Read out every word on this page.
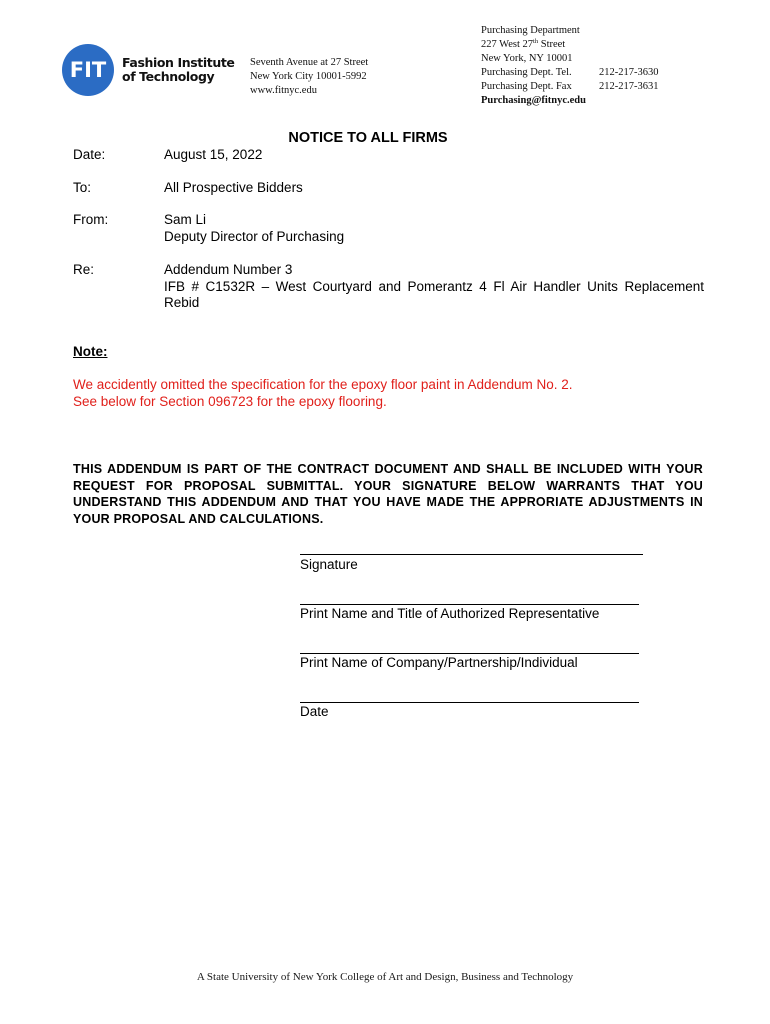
FIT Fashion Institute
of Technology
Seventh Avenue at 27 Street
New York City 10001-5992
www.fitnyc.edu
Purchasing Department
227 West 27th Street
New York, NY 10001
Purchasing Dept. Tel.	212-217-3630
Purchasing Dept. Fax	212-217-3631
Purchasing@fitnyc.edu
NOTICE TO ALL FIRMS
Date:	August 15, 2022
To:	All Prospective Bidders
From:	Sam Li
Deputy Director of Purchasing
Re:	Addendum Number 3
IFB # C1532R – West Courtyard and Pomerantz 4 Fl Air Handler Units Replacement
Rebid
Note:
We accidently omitted the specification for the epoxy floor paint in Addendum No. 2.
See below for Section 096723 for the epoxy flooring.
THIS ADDENDUM IS PART OF THE CONTRACT DOCUMENT AND SHALL BE INCLUDED WITH YOUR REQUEST FOR PROPOSAL SUBMITTAL. YOUR SIGNATURE BELOW WARRANTS THAT YOU UNDERSTAND THIS ADDENDUM AND THAT YOU HAVE MADE THE APPRORIATE ADJUSTMENTS IN YOUR PROPOSAL AND CALCULATIONS.
Signature
Print Name and Title of Authorized Representative
Print Name of Company/Partnership/Individual
Date
A State University of New York College of Art and Design, Business and Technology
